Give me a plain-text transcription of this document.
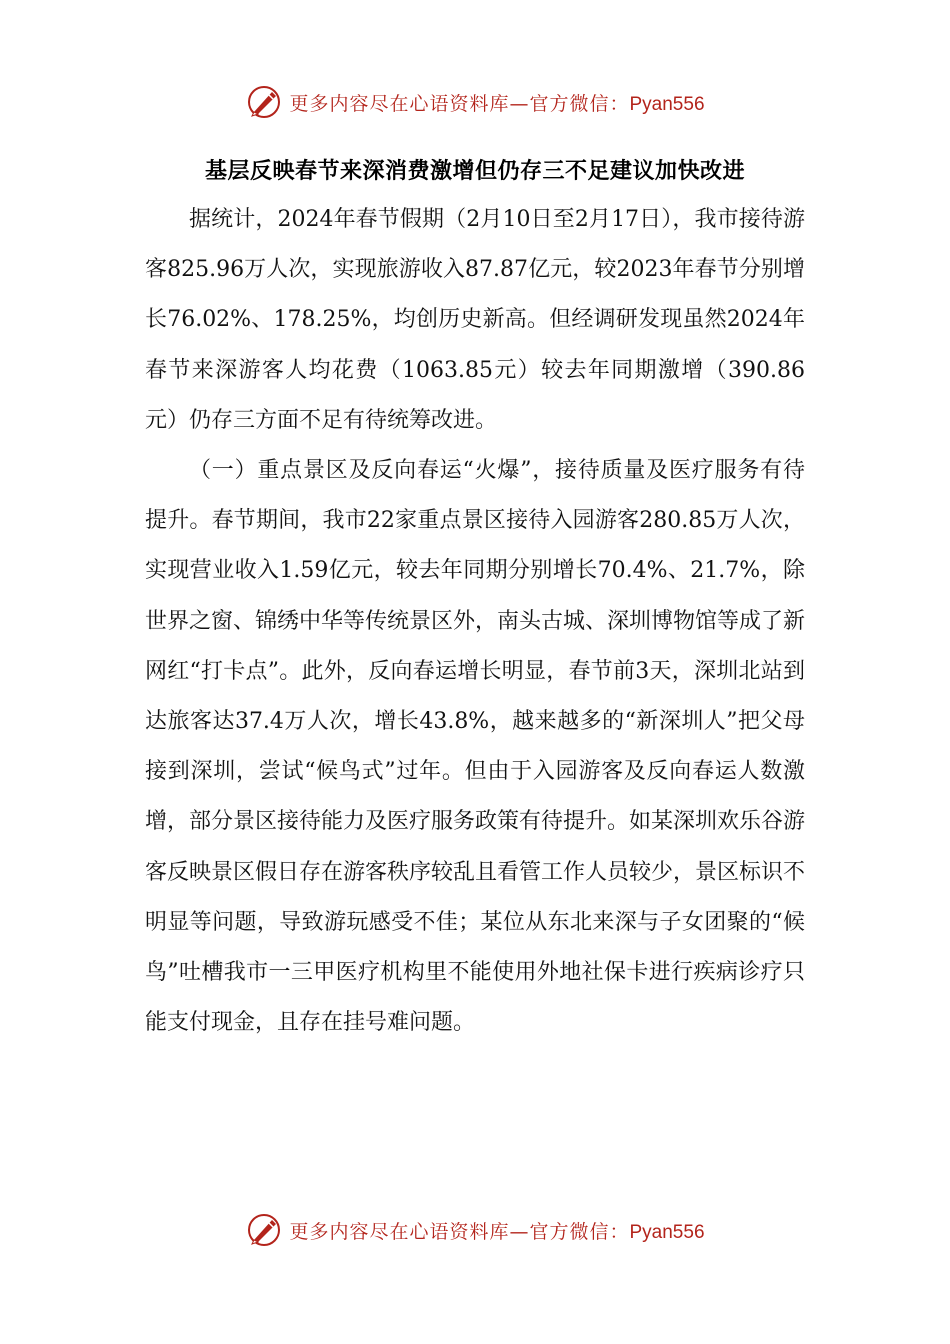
更多内容尽在心语资料库—官方微信：Pyan556
基层反映春节来深消费激增但仍存三不足建议加快改进

据统计，2024年春节假期（2月10日至2月17日），我市接待游客825.96万人次，实现旅游收入87.87亿元，较2023年春节分别增长76.02%、178.25%，均创历史新高。但经调研发现虽然2024年春节来深游客人均花费（1063.85元）较去年同期激增（390.86元）仍存三方面不足有待统筹改进。

（一）重点景区及反向春运“火爆”，接待质量及医疗服务有待提升。春节期间，我市22家重点景区接待入园游客280.85万人次，实现营业收入1.59亿元，较去年同期分别增长70.4%、21.7%，除世界之窗、锦绣中华等传统景区外，南头古城、深圳博物馆等成了新网红“打卡点”。此外，反向春运增长明显，春节前3天，深圳北站到达旅客达37.4万人次，增长43.8%，越来越多的“新深圳人”把父母接到深圳，尝试“候鸟式”过年。但由于入园游客及反向春运人数激增，部分景区接待能力及医疗服务政策有待提升。如某深圳欢乐谷游客反映景区假日存在游客秩序较乱且看管工作人员较少，景区标识不明显等问题，导致游玩感受不佳；某位从东北来深与子女团聚的“候鸟”吐槽我市一三甲医疗机构里不能使用外地社保卡进行疾病诊疗只能支付现金，且存在挂号难问题。

更多内容尽在心语资料库—官方微信：Pyan556
